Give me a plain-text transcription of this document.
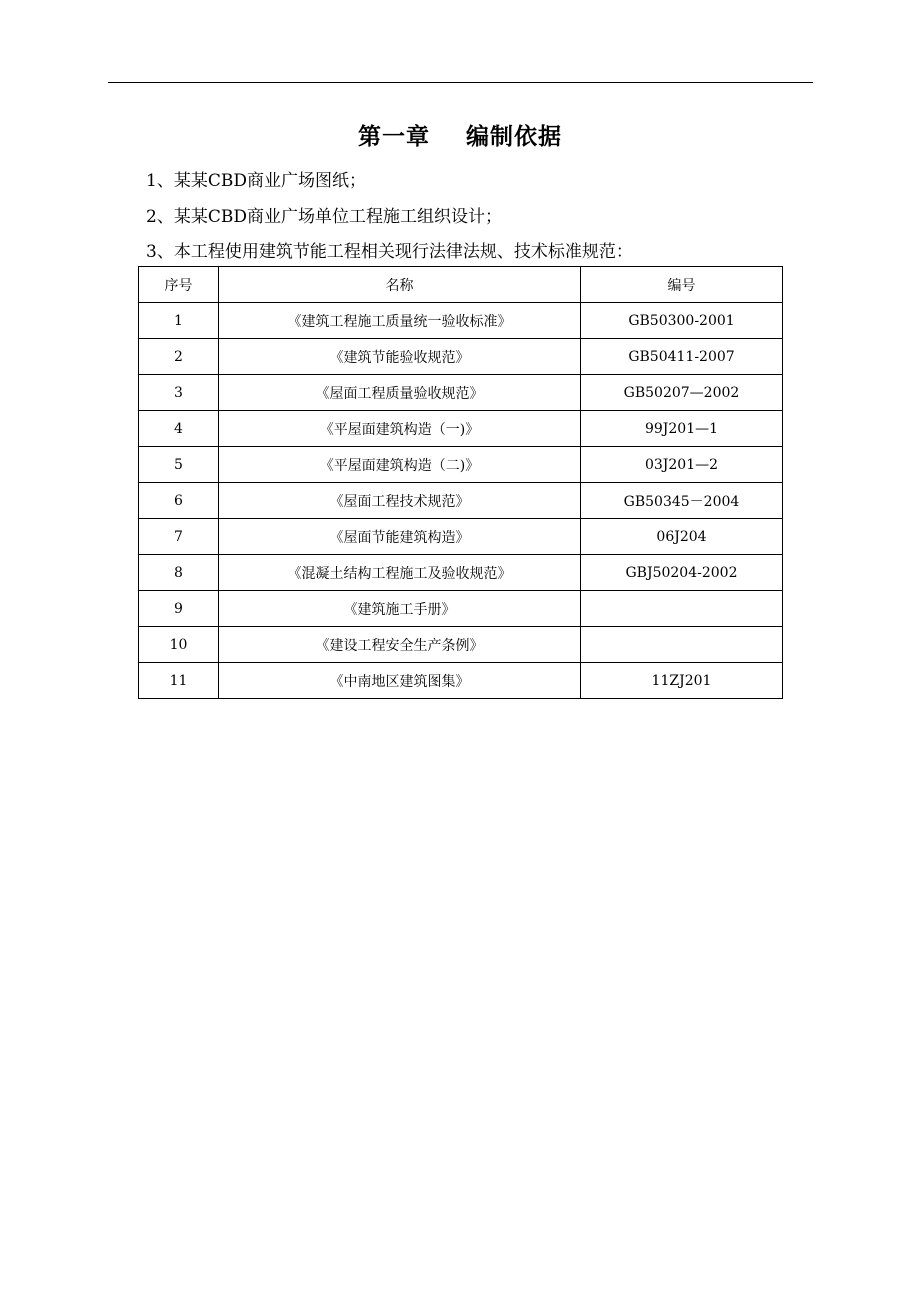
第一章    编制依据
1、某某CBD商业广场图纸；
2、某某CBD商业广场单位工程施工组织设计；
3、本工程使用建筑节能工程相关现行法律法规、技术标准规范：
序号	名称	编号
1	《建筑工程施工质量统一验收标准》	GB50300-2001
2	《建筑节能验收规范》	GB50411-2007
3	《屋面工程质量验收规范》	GB50207—2002
4	《平屋面建筑构造（一)》	99J201—1
5	《平屋面建筑构造（二)》	03J201—2
6	《屋面工程技术规范》	GB50345－2004
7	《屋面节能建筑构造》	06J204
8	《混凝土结构工程施工及验收规范》	GBJ50204-2002
9	《建筑施工手册》	
10	《建设工程安全生产条例》	
11	《中南地区建筑图集》	11ZJ201
